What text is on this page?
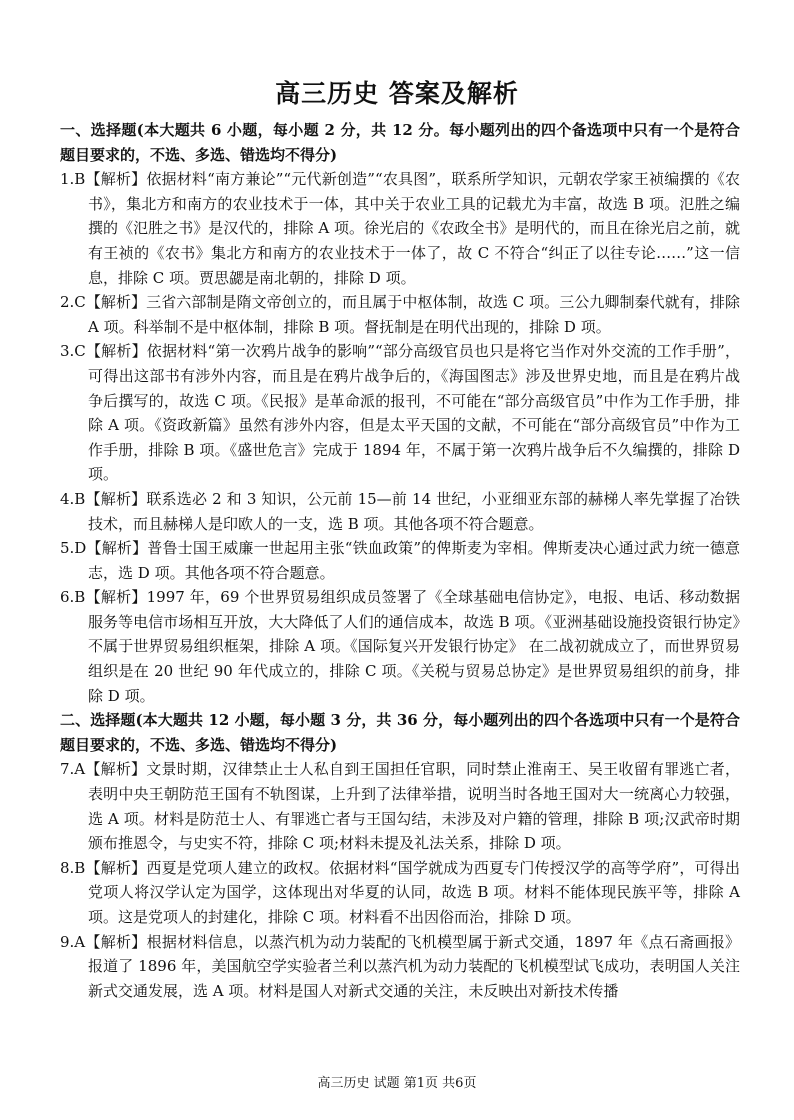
高三历史 答案及解析

一、选择题(本大题共 6 小题，每小题 2 分，共 12 分。每小题列出的四个备选项中只有一个是符合题目要求的，不选、多选、错选均不得分)

1.B【解析】依据材料“南方兼论”“元代新创造”“农具图”，联系所学知识，元朝农学家王祯编撰的《农书》，集北方和南方的农业技术于一体，其中关于农业工具的记载尤为丰富，故选 B 项。氾胜之编撰的《氾胜之书》是汉代的，排除 A 项。徐光启的《农政全书》是明代的，而且在徐光启之前，就有王祯的《农书》集北方和南方的农业技术于一体了，故 C 不符合“纠正了以往专论……”这一信息，排除 C 项。贾思勰是南北朝的，排除 D 项。

2.C【解析】三省六部制是隋文帝创立的，而且属于中枢体制，故选 C 项。三公九卿制秦代就有，排除 A 项。科举制不是中枢体制，排除 B 项。督抚制是在明代出现的，排除 D 项。

3.C【解析】依据材料“第一次鸦片战争的影响”“部分高级官员也只是将它当作对外交流的工作手册”，可得出这部书有涉外内容，而且是在鸦片战争后的，《海国图志》涉及世界史地，而且是在鸦片战争后撰写的，故选 C 项。《民报》是革命派的报刊，不可能在“部分高级官员”中作为工作手册，排除 A 项。《资政新篇》虽然有涉外内容，但是太平天国的文献，不可能在“部分高级官员”中作为工作手册，排除 B 项。《盛世危言》完成于 1894 年，不属于第一次鸦片战争后不久编撰的，排除 D 项。

4.B【解析】联系选必 2 和 3 知识，公元前 15—前 14 世纪，小亚细亚东部的赫梯人率先掌握了冶铁技术，而且赫梯人是印欧人的一支，选 B 项。其他各项不符合题意。

5.D【解析】普鲁士国王威廉一世起用主张“铁血政策”的俾斯麦为宰相。俾斯麦决心通过武力统一德意志，选 D 项。其他各项不符合题意。

6.B【解析】1997 年，69 个世界贸易组织成员签署了《全球基础电信协定》，电报、电话、移动数据服务等电信市场相互开放，大大降低了人们的通信成本，故选 B 项。《亚洲基础设施投资银行协定》不属于世界贸易组织框架，排除 A 项。《国际复兴开发银行协定》 在二战初就成立了，而世界贸易组织是在 20 世纪 90 年代成立的，排除 C 项。《关税与贸易总协定》是世界贸易组织的前身，排除 D 项。

二、选择题(本大题共 12 小题，每小题 3 分，共 36 分，每小题列出的四个各选项中只有一个是符合题目要求的，不选、多选、错选均不得分)

7.A【解析】文景时期，汉律禁止士人私自到王国担任官职，同时禁止淮南王、吴王收留有罪逃亡者，表明中央王朝防范王国有不轨图谋，上升到了法律举措，说明当时各地王国对大一统离心力较强，选 A 项。材料是防范士人、有罪逃亡者与王国勾结，未涉及对户籍的管理，排除 B 项;汉武帝时期颁布推恩令，与史实不符，排除 C 项;材料未提及礼法关系，排除 D 项。

8.B【解析】西夏是党项人建立的政权。依据材料“国学就成为西夏专门传授汉学的高等学府”，可得出党项人将汉学认定为国学，这体现出对华夏的认同，故选 B 项。材料不能体现民族平等，排除 A 项。这是党项人的封建化，排除 C 项。材料看不出因俗而治，排除 D 项。

9.A【解析】根据材料信息，以蒸汽机为动力装配的飞机模型属于新式交通，1897 年《点石斋画报》报道了 1896 年，美国航空学实验者兰利以蒸汽机为动力装配的飞机模型试飞成功，表明国人关注新式交通发展，选 A 项。材料是国人对新式交通的关注，未反映出对新技术传播

高三历史 试题 第1页 共6页
